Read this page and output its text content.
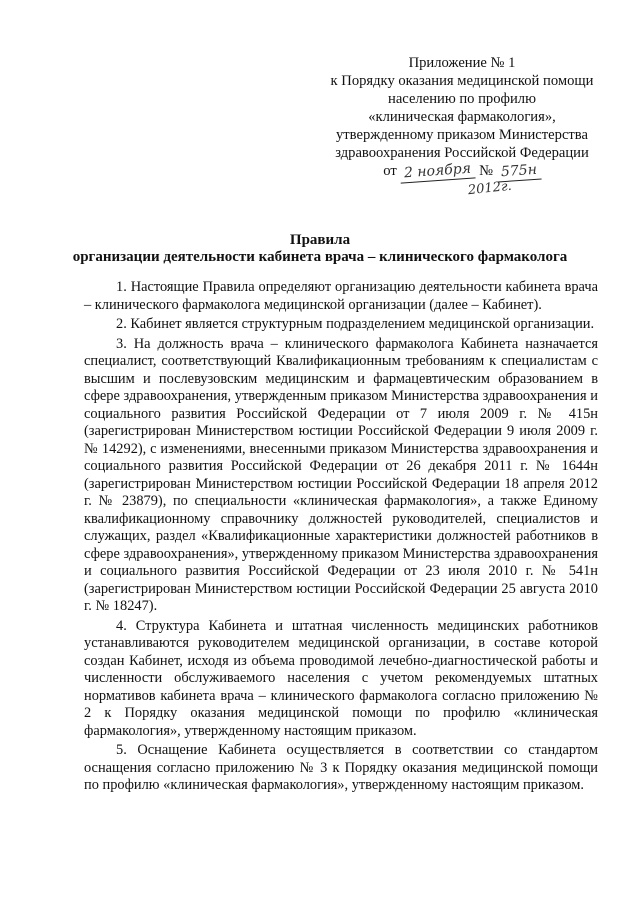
Приложение № 1
к Порядку оказания медицинской помощи
населению по профилю
«клиническая фармакология»,
утвержденному приказом Министерства
здравоохранения Российской Федерации
от 2 ноября № 575н
2012г.
Правила
организации деятельности кабинета врача – клинического фармаколога

1. Настоящие Правила определяют организацию деятельности кабинета врача – клинического фармаколога медицинской организации (далее – Кабинет).

2. Кабинет является структурным подразделением медицинской организации.

3. На должность врача – клинического фармаколога Кабинета назначается специалист, соответствующий Квалификационным требованиям к специалистам с высшим и послевузовским медицинским и фармацевтическим образованием в сфере здравоохранения, утвержденным приказом Министерства здравоохранения и социального развития Российской Федерации от 7 июля 2009 г. № 415н (зарегистрирован Министерством юстиции Российской Федерации 9 июля 2009 г. № 14292), с изменениями, внесенными приказом Министерства здравоохранения и социального развития Российской Федерации от 26 декабря 2011 г. № 1644н (зарегистрирован Министерством юстиции Российской Федерации 18 апреля 2012 г. № 23879), по специальности «клиническая фармакология», а также Единому квалификационному справочнику должностей руководителей, специалистов и служащих, раздел «Квалификационные характеристики должностей работников в сфере здравоохранения», утвержденному приказом Министерства здравоохранения и социального развития Российской Федерации от 23 июля 2010 г. № 541н (зарегистрирован Министерством юстиции Российской Федерации 25 августа 2010 г. № 18247).

4. Структура Кабинета и штатная численность медицинских работников устанавливаются руководителем медицинской организации, в составе которой создан Кабинет, исходя из объема проводимой лечебно-диагностической работы и численности обслуживаемого населения с учетом рекомендуемых штатных нормативов кабинета врача – клинического фармаколога согласно приложению № 2 к Порядку оказания медицинской помощи по профилю «клиническая фармакология», утвержденному настоящим приказом.

5. Оснащение Кабинета осуществляется в соответствии со стандартом оснащения согласно приложению № 3 к Порядку оказания медицинской помощи по профилю «клиническая фармакология», утвержденному настоящим приказом.
